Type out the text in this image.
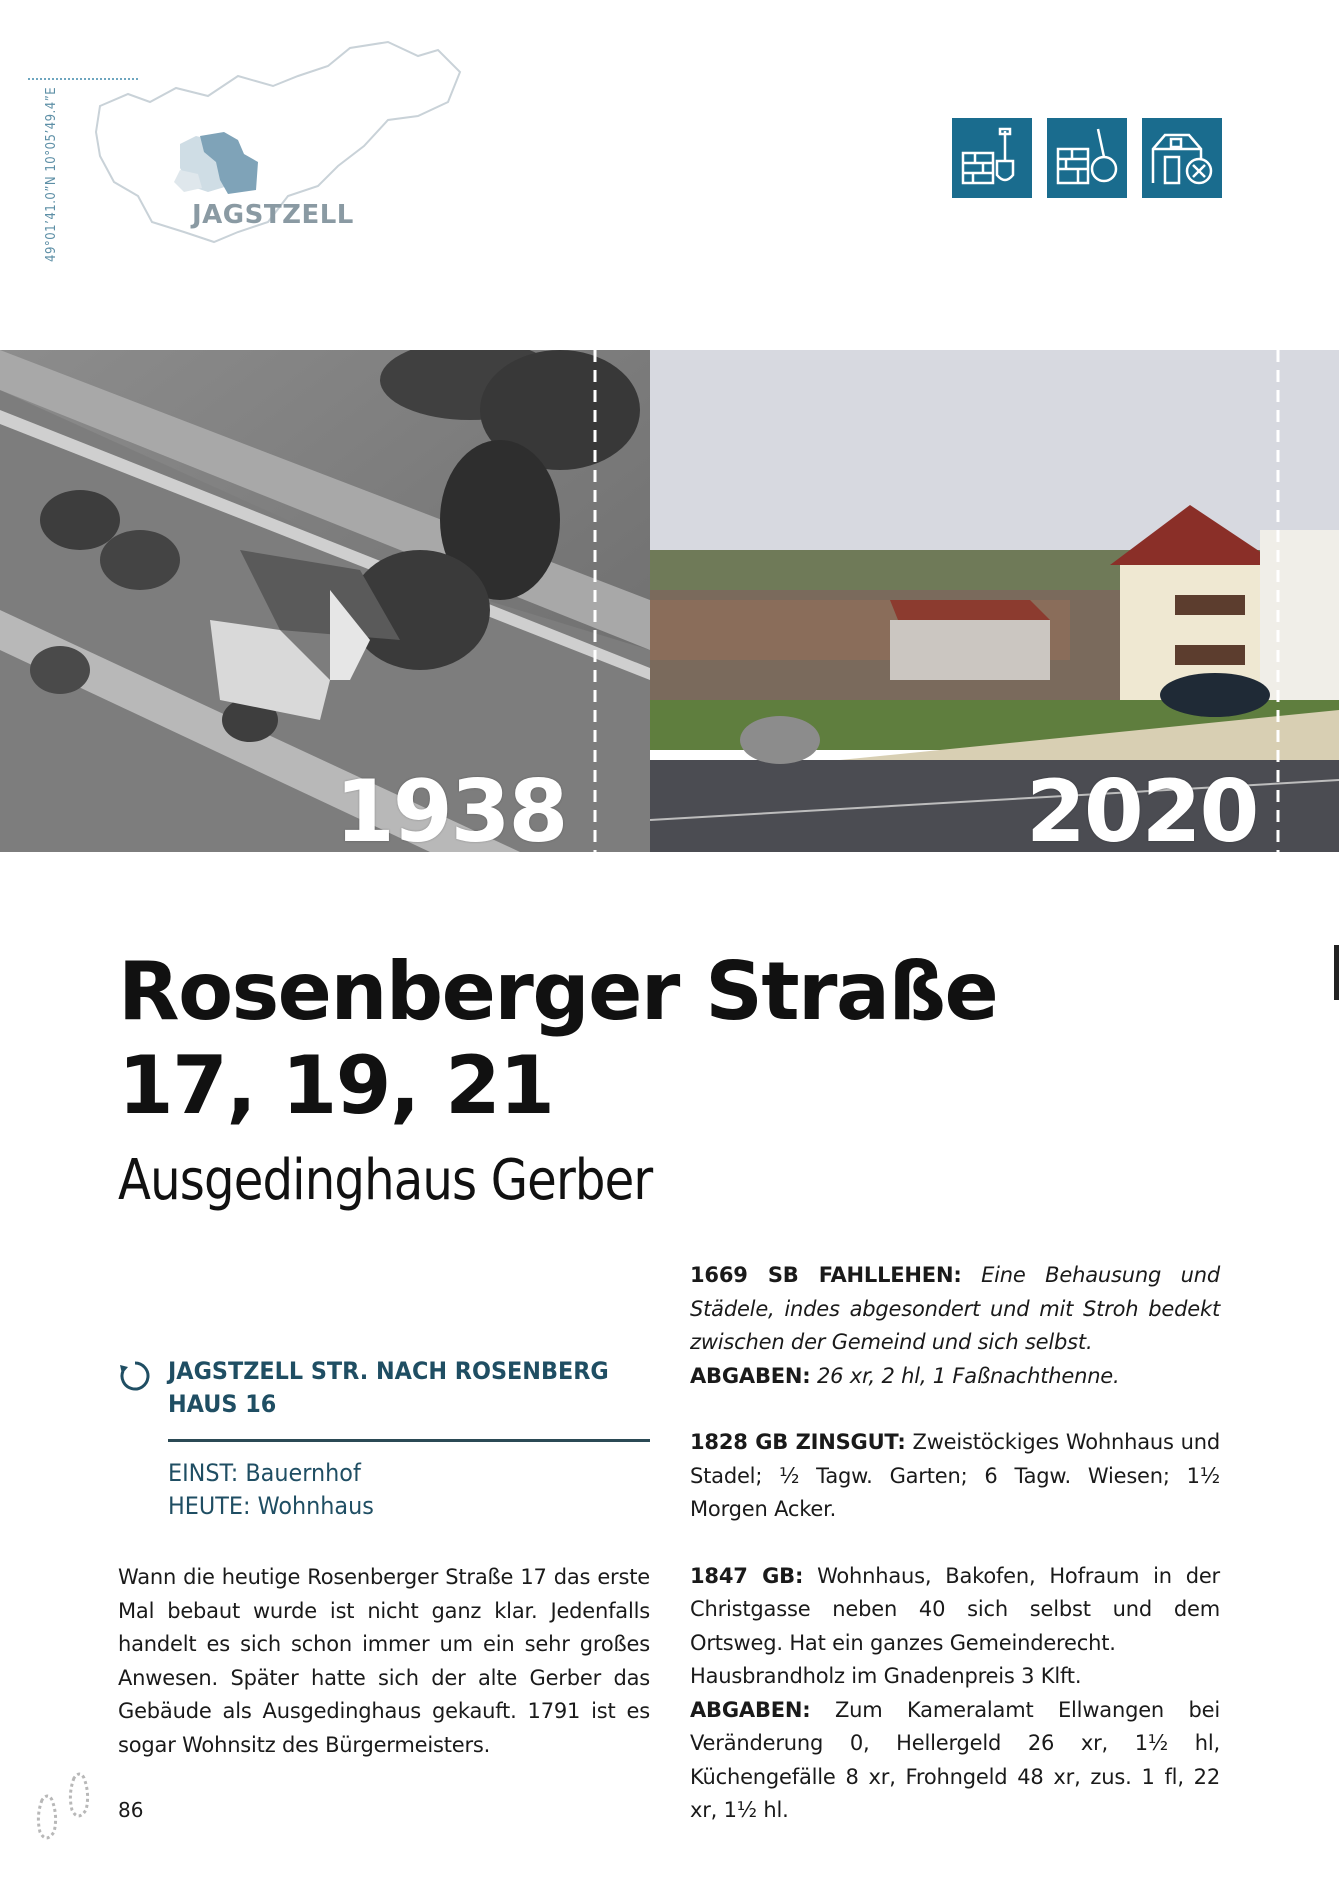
49°01’41.0”N 10°05’49.4”E	JAGSTZELL
1938	2020
Rosenberger Straße
17, 19, 21
Ausgedinghaus Gerber
JAGSTZELL STR. NACH ROSENBERG
HAUS 16
EINST: Bauernhof
HEUTE: Wohnhaus
Wann die heutige Rosenberger Straße 17 das erste Mal bebaut wurde ist nicht ganz klar. Jedenfalls handelt es sich schon immer um ein sehr großes Anwesen. Später hatte sich der alte Gerber das Gebäude als Ausgedinghaus gekauft. 1791 ist es sogar Wohnsitz des Bürgermeisters.

1669 SB FAHLLEHEN: Eine Behausung und Städele, indes abgesondert und mit Stroh bedekt zwischen der Gemeind und sich selbst.
ABGABEN: 26 xr, 2 hl, 1 Faßnachthenne.

1828 GB ZINSGUT: Zweistöckiges Wohnhaus und Stadel; ½ Tagw. Garten; 6 Tagw. Wiesen; 1½ Morgen Acker.

1847 GB: Wohnhaus, Bakofen, Hofraum in der Christgasse neben 40 sich selbst und dem Ortsweg. Hat ein ganzes Gemeinderecht.
Hausbrandholz im Gnadenpreis 3 Klft.
ABGABEN: Zum Kameralamt Ellwangen bei Veränderung 0, Hellergeld 26 xr, 1½ hl, Küchengefälle 8 xr, Frohngeld 48 xr, zus. 1 fl, 22 xr, 1½ hl.

86
